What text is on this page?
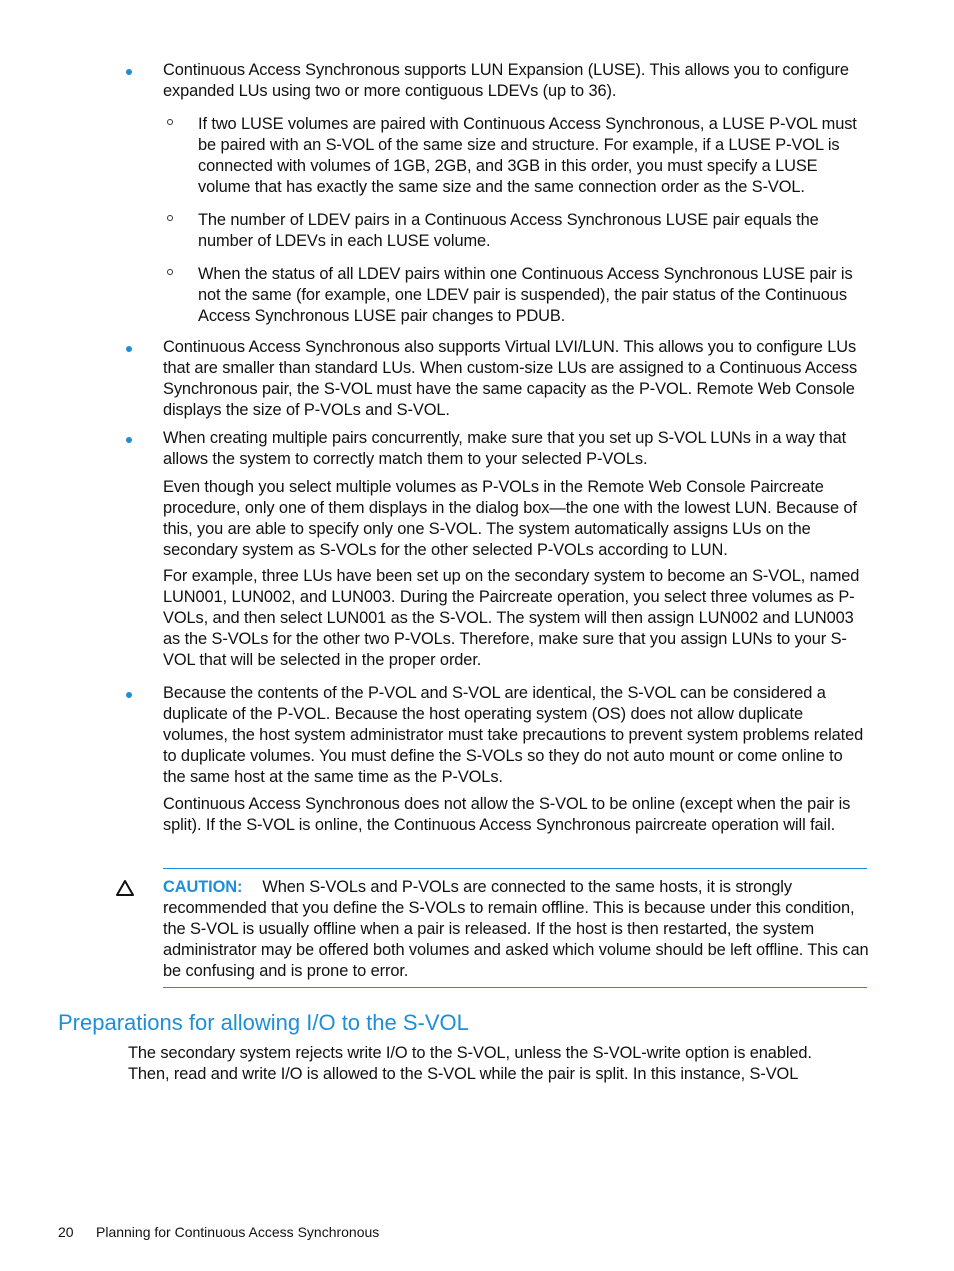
Continuous Access Synchronous supports LUN Expansion (LUSE). This allows you to configure expanded LUs using two or more contiguous LDEVs (up to 36).

If two LUSE volumes are paired with Continuous Access Synchronous, a LUSE P-VOL must be paired with an S-VOL of the same size and structure. For example, if a LUSE P-VOL is connected with volumes of 1GB, 2GB, and 3GB in this order, you must specify a LUSE volume that has exactly the same size and the same connection order as the S-VOL.

The number of LDEV pairs in a Continuous Access Synchronous LUSE pair equals the number of LDEVs in each LUSE volume.

When the status of all LDEV pairs within one Continuous Access Synchronous LUSE pair is not the same (for example, one LDEV pair is suspended), the pair status of the Continuous Access Synchronous LUSE pair changes to PDUB.

Continuous Access Synchronous also supports Virtual LVI/LUN. This allows you to configure LUs that are smaller than standard LUs. When custom-size LUs are assigned to a Continuous Access Synchronous pair, the S-VOL must have the same capacity as the P-VOL. Remote Web Console displays the size of P-VOLs and S-VOL.

When creating multiple pairs concurrently, make sure that you set up S-VOL LUNs in a way that allows the system to correctly match them to your selected P-VOLs.

Even though you select multiple volumes as P-VOLs in the Remote Web Console Paircreate procedure, only one of them displays in the dialog box—the one with the lowest LUN. Because of this, you are able to specify only one S-VOL. The system automatically assigns LUs on the secondary system as S-VOLs for the other selected P-VOLs according to LUN.

For example, three LUs have been set up on the secondary system to become an S-VOL, named LUN001, LUN002, and LUN003. During the Paircreate operation, you select three volumes as P-VOLs, and then select LUN001 as the S-VOL. The system will then assign LUN002 and LUN003 as the S-VOLs for the other two P-VOLs. Therefore, make sure that you assign LUNs to your S-VOL that will be selected in the proper order.

Because the contents of the P-VOL and S-VOL are identical, the S-VOL can be considered a duplicate of the P-VOL. Because the host operating system (OS) does not allow duplicate volumes, the host system administrator must take precautions to prevent system problems related to duplicate volumes. You must define the S-VOLs so they do not auto mount or come online to the same host at the same time as the P-VOLs.

Continuous Access Synchronous does not allow the S-VOL to be online (except when the pair is split). If the S-VOL is online, the Continuous Access Synchronous paircreate operation will fail.

CAUTION: When S-VOLs and P-VOLs are connected to the same hosts, it is strongly recommended that you define the S-VOLs to remain offline. This is because under this condition, the S-VOL is usually offline when a pair is released. If the host is then restarted, the system administrator may be offered both volumes and asked which volume should be left offline. This can be confusing and is prone to error.

Preparations for allowing I/O to the S-VOL

The secondary system rejects write I/O to the S-VOL, unless the S-VOL-write option is enabled. Then, read and write I/O is allowed to the S-VOL while the pair is split. In this instance, S-VOL

20 Planning for Continuous Access Synchronous
